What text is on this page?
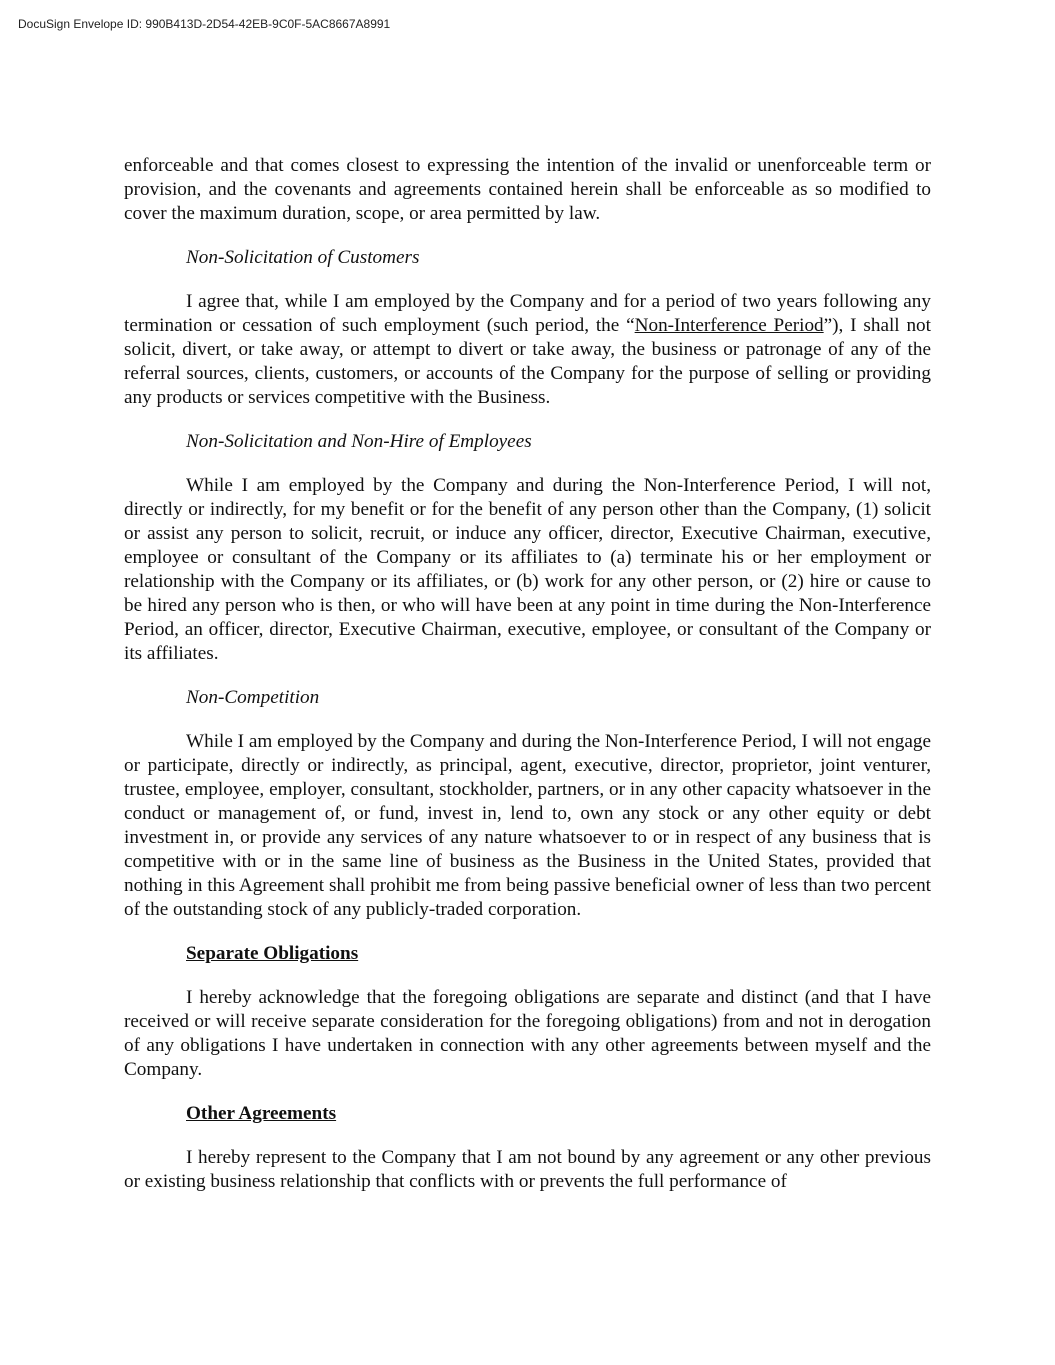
DocuSign Envelope ID: 990B413D-2D54-42EB-9C0F-5AC8667A8991

enforceable and that comes closest to expressing the intention of the invalid or unenforceable term or provision, and the covenants and agreements contained herein shall be enforceable as so modified to cover the maximum duration, scope, or area permitted by law.

Non-Solicitation of Customers

I agree that, while I am employed by the Company and for a period of two years following any termination or cessation of such employment (such period, the “Non-Interference Period”), I shall not solicit, divert, or take away, or attempt to divert or take away, the business or patronage of any of the referral sources, clients, customers, or accounts of the Company for the purpose of selling or providing any products or services competitive with the Business.

Non-Solicitation and Non-Hire of Employees

While I am employed by the Company and during the Non-Interference Period, I will not, directly or indirectly, for my benefit or for the benefit of any person other than the Company, (1) solicit or assist any person to solicit, recruit, or induce any officer, director, Executive Chairman, executive, employee or consultant of the Company or its affiliates to (a) terminate his or her employment or relationship with the Company or its affiliates, or (b) work for any other person, or (2) hire or cause to be hired any person who is then, or who will have been at any point in time during the Non-Interference Period, an officer, director, Executive Chairman, executive, employee, or consultant of the Company or its affiliates.

Non-Competition

While I am employed by the Company and during the Non-Interference Period, I will not engage or participate, directly or indirectly, as principal, agent, executive, director, proprietor, joint venturer, trustee, employee, employer, consultant, stockholder, partners, or in any other capacity whatsoever in the conduct or management of, or fund, invest in, lend to, own any stock or any other equity or debt investment in, or provide any services of any nature whatsoever to or in respect of any business that is competitive with or in the same line of business as the Business in the United States, provided that nothing in this Agreement shall prohibit me from being passive beneficial owner of less than two percent of the outstanding stock of any publicly-traded corporation.

Separate Obligations

I hereby acknowledge that the foregoing obligations are separate and distinct (and that I have received or will receive separate consideration for the foregoing obligations) from and not in derogation of any obligations I have undertaken in connection with any other agreements between myself and the Company.

Other Agreements

I hereby represent to the Company that I am not bound by any agreement or any other previous or existing business relationship that conflicts with or prevents the full performance of
